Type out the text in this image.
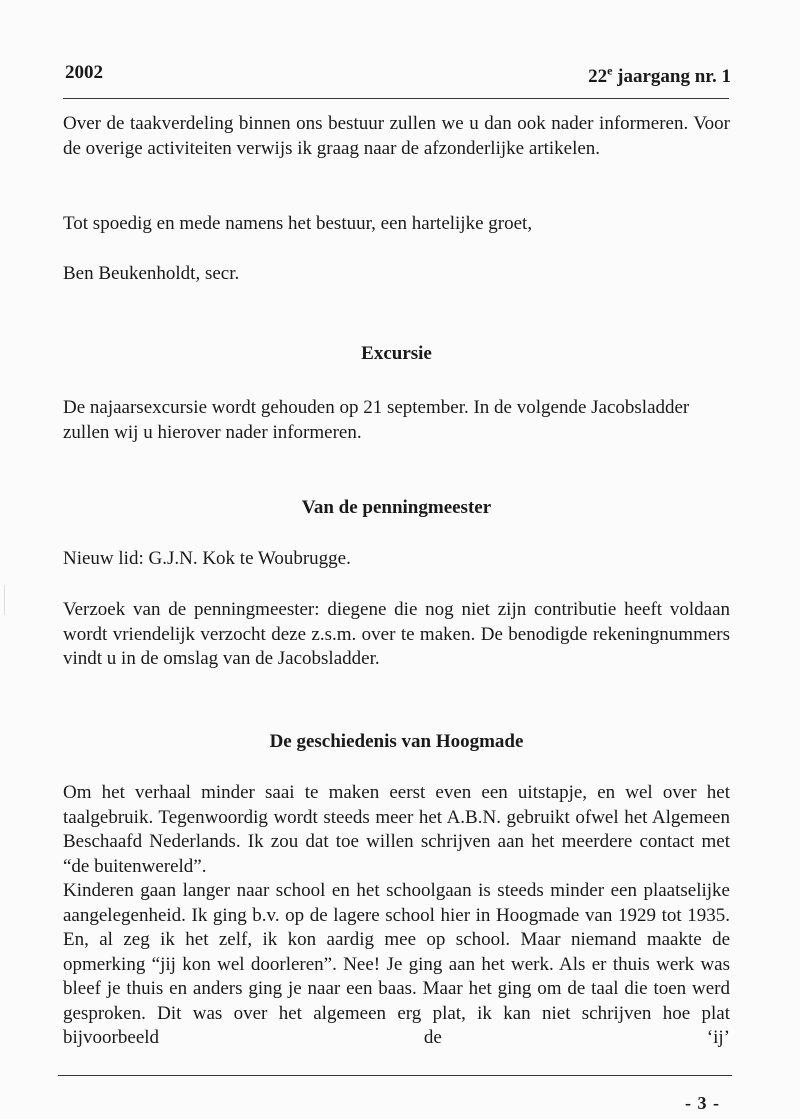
2002	22e jaargang nr. 1

Over de taakverdeling binnen ons bestuur zullen we u dan ook nader informeren. Voor de overige activiteiten verwijs ik graag naar de afzonderlijke artikelen.

Tot spoedig en mede namens het bestuur, een hartelijke groet,

Ben Beukenholdt, secr.

Excursie

De najaarsexcursie wordt gehouden op 21 september. In de volgende Jacobsladder zullen wij u hierover nader informeren.

Van de penningmeester

Nieuw lid: G.J.N. Kok te Woubrugge.

Verzoek van de penningmeester: diegene die nog niet zijn contributie heeft voldaan wordt vriendelijk verzocht deze z.s.m. over te maken. De benodigde rekeningnummers vindt u in de omslag van de Jacobsladder.

De geschiedenis van Hoogmade

Om het verhaal minder saai te maken eerst even een uitstapje, en wel over het taalgebruik. Tegenwoordig wordt steeds meer het A.B.N. gebruikt ofwel het Algemeen Beschaafd Nederlands. Ik zou dat toe willen schrijven aan het meerdere contact met “de buitenwereld”.

Kinderen gaan langer naar school en het schoolgaan is steeds minder een plaatselijke aangelegenheid. Ik ging b.v. op de lagere school hier in Hoogmade van 1929 tot 1935. En, al zeg ik het zelf, ik kon aardig mee op school. Maar niemand maakte de opmerking “jij kon wel doorleren”. Nee! Je ging aan het werk. Als er thuis werk was bleef je thuis en anders ging je naar een baas. Maar het ging om de taal die toen werd gesproken. Dit was over het algemeen erg plat, ik kan niet schrijven hoe plat bijvoorbeeld de ‘ij’

- 3 -
